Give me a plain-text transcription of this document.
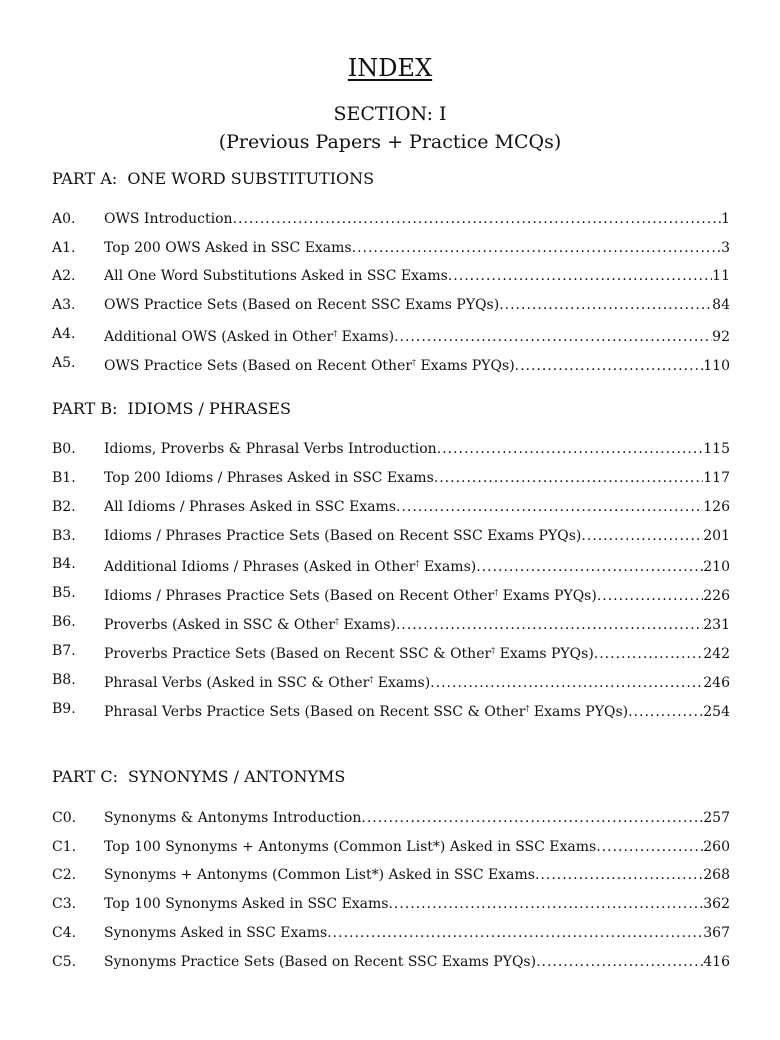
INDEX
SECTION: I
(Previous Papers + Practice MCQs)
PART A: ONE WORD SUBSTITUTIONS
A0.	OWS Introduction .....	1
A1.	Top 200 OWS Asked in SSC Exams .....	3
A2.	All One Word Substitutions Asked in SSC Exams .....	11
A3.	OWS Practice Sets (Based on Recent SSC Exams PYQs) .....	84
A4.	Additional OWS (Asked in Other† Exams) .....	92
A5.	OWS Practice Sets (Based on Recent Other† Exams PYQs) .....	110
PART B: IDIOMS / PHRASES
B0.	Idioms, Proverbs & Phrasal Verbs Introduction .....	115
B1.	Top 200 Idioms / Phrases Asked in SSC Exams .....	117
B2.	All Idioms / Phrases Asked in SSC Exams .....	126
B3.	Idioms / Phrases Practice Sets (Based on Recent SSC Exams PYQs) .....	201
B4.	Additional Idioms / Phrases (Asked in Other† Exams) .....	210
B5.	Idioms / Phrases Practice Sets (Based on Recent Other† Exams PYQs) .....	226
B6.	Proverbs (Asked in SSC & Other† Exams) .....	231
B7.	Proverbs Practice Sets (Based on Recent SSC & Other† Exams PYQs) .....	242
B8.	Phrasal Verbs (Asked in SSC & Other† Exams) .....	246
B9.	Phrasal Verbs Practice Sets (Based on Recent SSC & Other† Exams PYQs) .....	254
PART C: SYNONYMS / ANTONYMS
C0.	Synonyms & Antonyms Introduction .....	257
C1.	Top 100 Synonyms + Antonyms (Common List*) Asked in SSC Exams .....	260
C2.	Synonyms + Antonyms (Common List*) Asked in SSC Exams .....	268
C3.	Top 100 Synonyms Asked in SSC Exams .....	362
C4.	Synonyms Asked in SSC Exams .....	367
C5.	Synonyms Practice Sets (Based on Recent SSC Exams PYQs) .....	416
